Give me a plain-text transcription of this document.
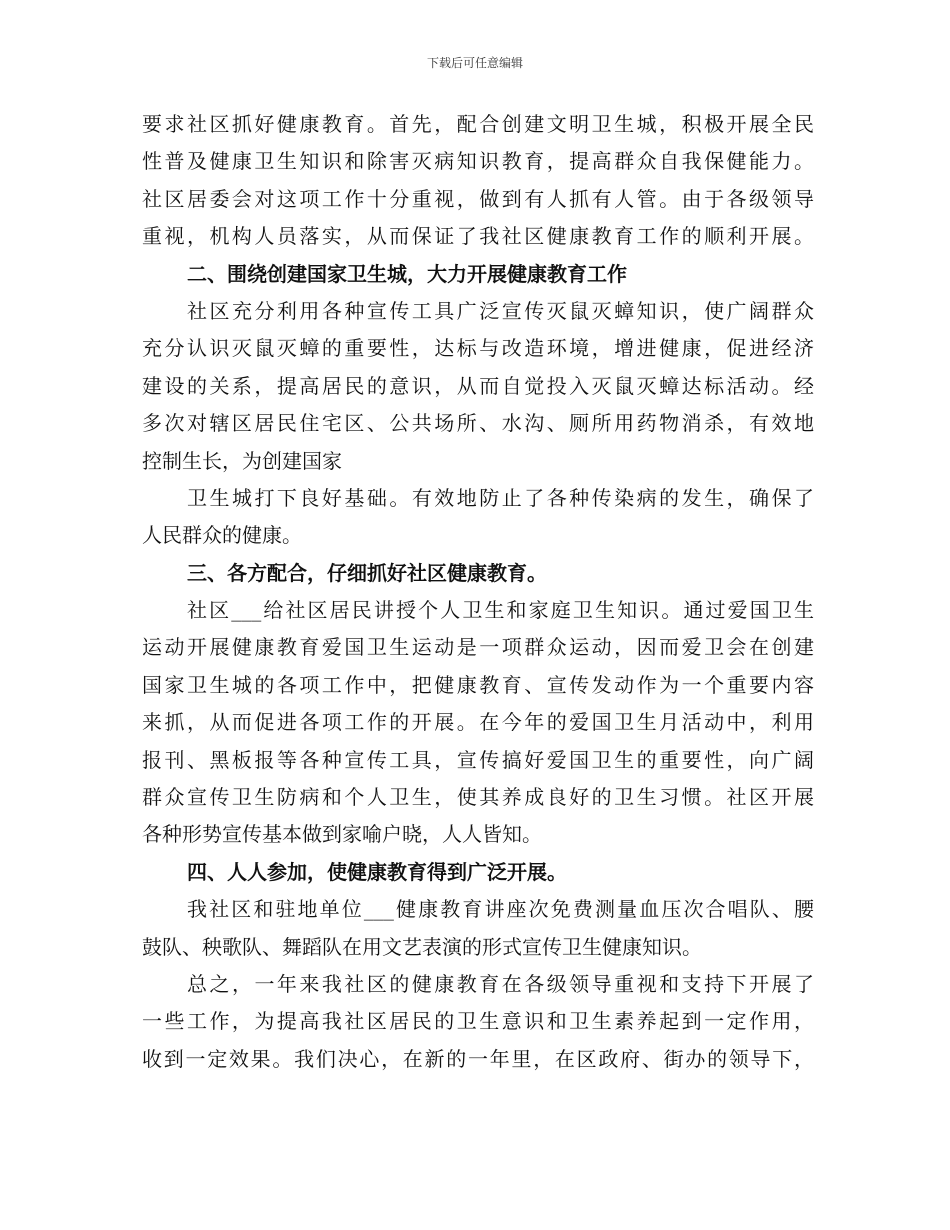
下载后可任意编辑
要求社区抓好健康教育。首先，配合创建文明卫生城，积极开展全民
性普及健康卫生知识和除害灭病知识教育，提高群众自我保健能力。
社区居委会对这项工作十分重视，做到有人抓有人管。由于各级领导
重视，机构人员落实，从而保证了我社区健康教育工作的顺利开展。
二、围绕创建国家卫生城，大力开展健康教育工作
社区充分利用各种宣传工具广泛宣传灭鼠灭蟑知识，使广阔群众
充分认识灭鼠灭蟑的重要性，达标与改造环境，增进健康，促进经济
建设的关系，提高居民的意识，从而自觉投入灭鼠灭蟑达标活动。经
多次对辖区居民住宅区、公共场所、水沟、厕所用药物消杀，有效地
控制生长，为创建国家
卫生城打下良好基础。有效地防止了各种传染病的发生，确保了
人民群众的健康。
三、各方配合，仔细抓好社区健康教育。
社区___给社区居民讲授个人卫生和家庭卫生知识。通过爱国卫生
运动开展健康教育爱国卫生运动是一项群众运动，因而爱卫会在创建
国家卫生城的各项工作中，把健康教育、宣传发动作为一个重要内容
来抓，从而促进各项工作的开展。在今年的爱国卫生月活动中，利用
报刊、黑板报等各种宣传工具，宣传搞好爱国卫生的重要性，向广阔
群众宣传卫生防病和个人卫生，使其养成良好的卫生习惯。社区开展
各种形势宣传基本做到家喻户晓，人人皆知。
四、人人参加，使健康教育得到广泛开展。
我社区和驻地单位___健康教育讲座次免费测量血压次合唱队、腰
鼓队、秧歌队、舞蹈队在用文艺表演的形式宣传卫生健康知识。
总之，一年来我社区的健康教育在各级领导重视和支持下开展了
一些工作，为提高我社区居民的卫生意识和卫生素养起到一定作用，
收到一定效果。我们决心，在新的一年里，在区政府、街办的领导下，
